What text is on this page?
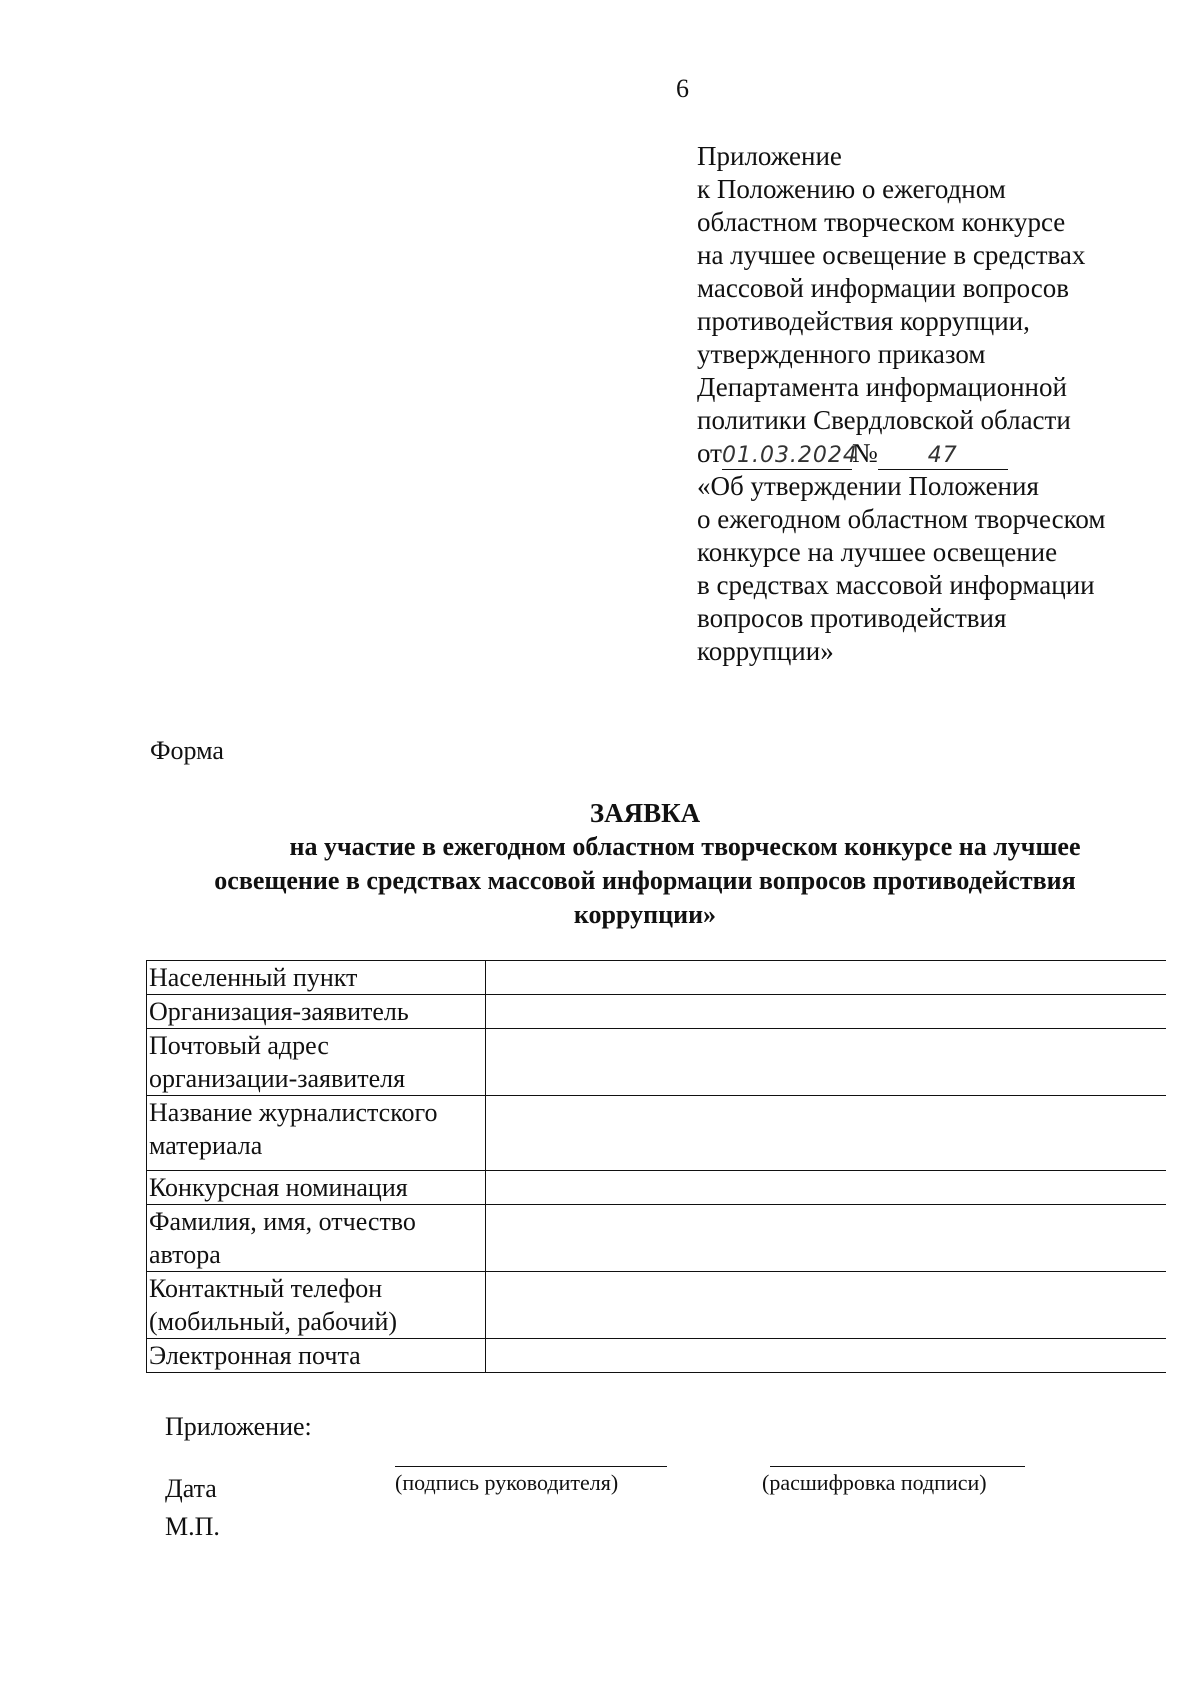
6
Приложение
к Положению о ежегодном
областном творческом конкурсе
на лучшее освещение в средствах
массовой информации вопросов
противодействия коррупции,
утвержденного приказом
Департамента информационной
политики Свердловской области
от01.03.2024№ 47
«Об утверждении Положения
о ежегодном областном творческом
конкурсе на лучшее освещение
в средствах массовой информации
вопросов противодействия
коррупции»
Форма
ЗАЯВКА
на участие в ежегодном областном творческом конкурсе на лучшее
освещение в средствах массовой информации вопросов противодействия
коррупции»
Населенный пункт	
Организация-заявитель	
Почтовый адрес организации-заявителя	
Название журналистского материала	
Конкурсная номинация	
Фамилия, имя, отчество автора	
Контактный телефон (мобильный, рабочий)	
Электронная почта	
Приложение:
(подпись руководителя)	(расшифровка подписи)
Дата
М.П.
